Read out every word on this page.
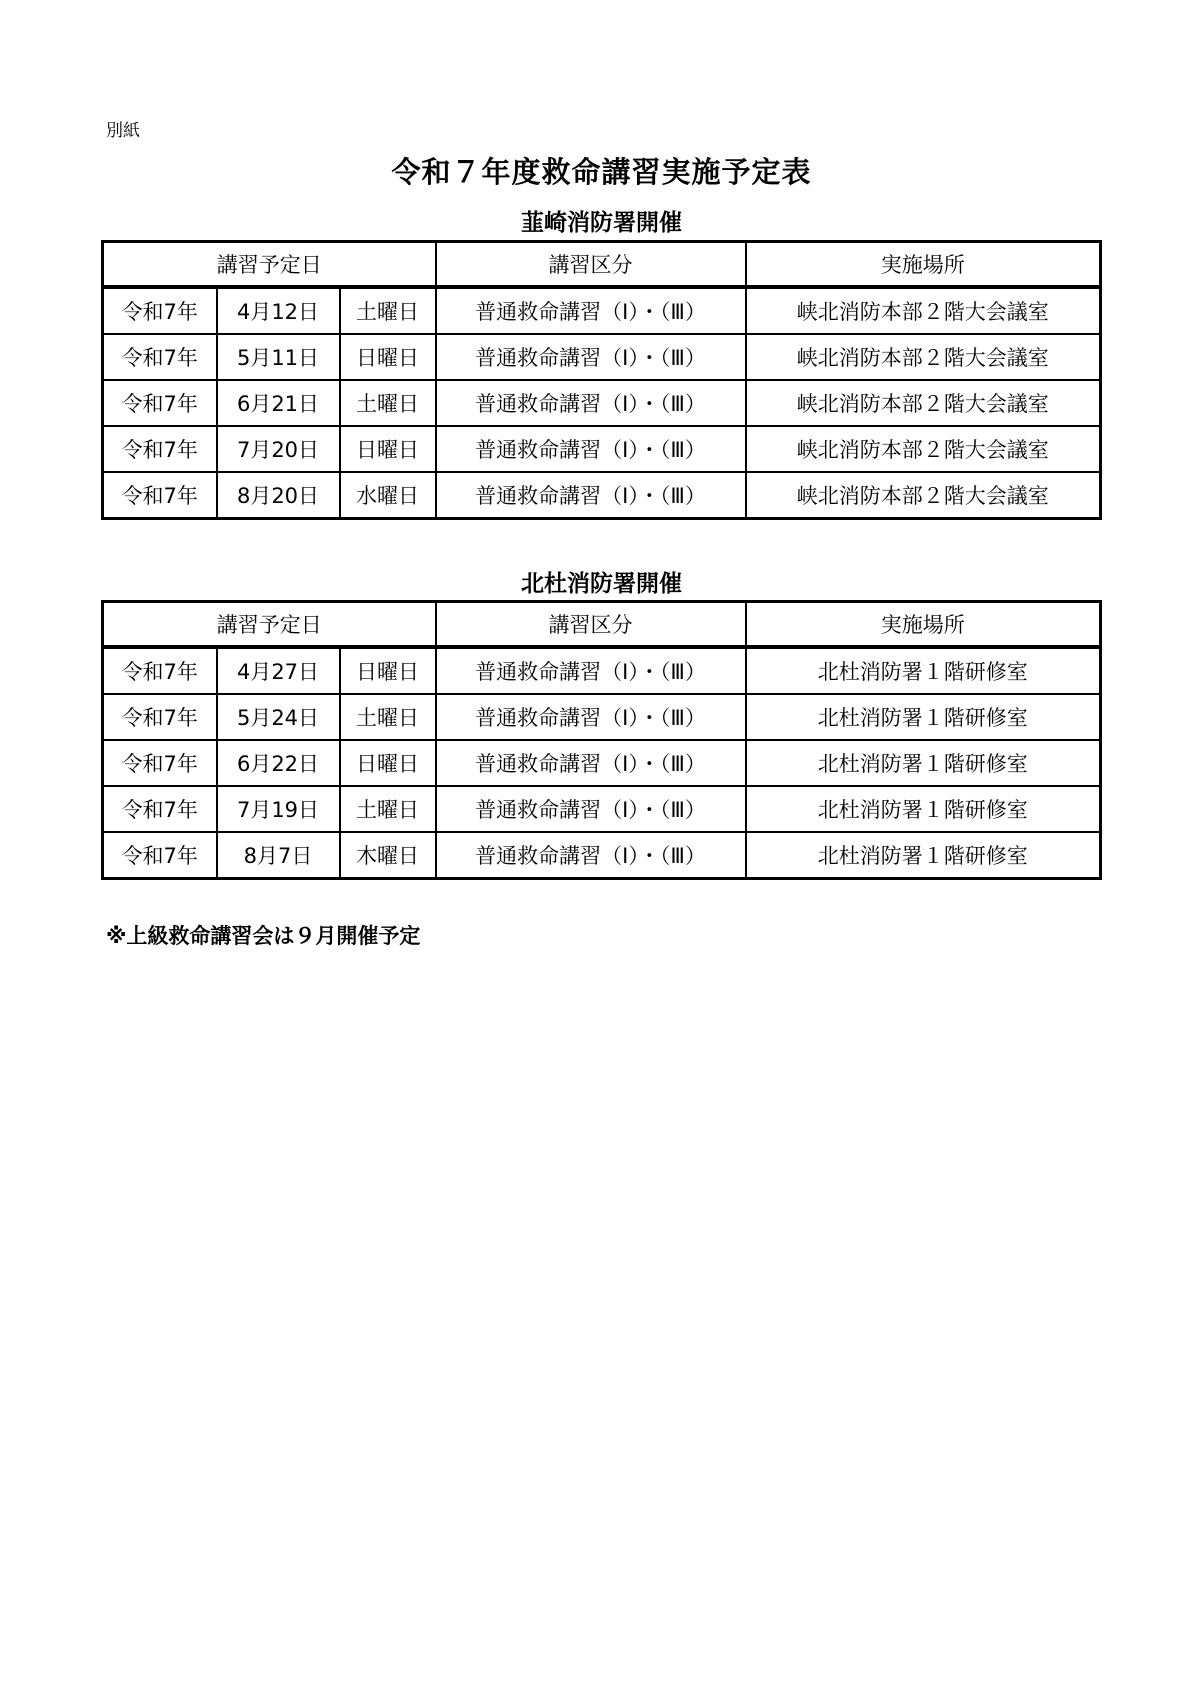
別紙
令和７年度救命講習実施予定表
韮崎消防署開催
講習予定日			講習区分	実施場所
令和7年	4月12日	土曜日	普通救命講習（Ⅰ）・（Ⅲ）	峡北消防本部２階大会議室
令和7年	5月11日	日曜日	普通救命講習（Ⅰ）・（Ⅲ）	峡北消防本部２階大会議室
令和7年	6月21日	土曜日	普通救命講習（Ⅰ）・（Ⅲ）	峡北消防本部２階大会議室
令和7年	7月20日	日曜日	普通救命講習（Ⅰ）・（Ⅲ）	峡北消防本部２階大会議室
令和7年	8月20日	水曜日	普通救命講習（Ⅰ）・（Ⅲ）	峡北消防本部２階大会議室
北杜消防署開催
講習予定日			講習区分	実施場所
令和7年	4月27日	日曜日	普通救命講習（Ⅰ）・（Ⅲ）	北杜消防署１階研修室
令和7年	5月24日	土曜日	普通救命講習（Ⅰ）・（Ⅲ）	北杜消防署１階研修室
令和7年	6月22日	日曜日	普通救命講習（Ⅰ）・（Ⅲ）	北杜消防署１階研修室
令和7年	7月19日	土曜日	普通救命講習（Ⅰ）・（Ⅲ）	北杜消防署１階研修室
令和7年	8月7日	木曜日	普通救命講習（Ⅰ）・（Ⅲ）	北杜消防署１階研修室
※上級救命講習会は９月開催予定
